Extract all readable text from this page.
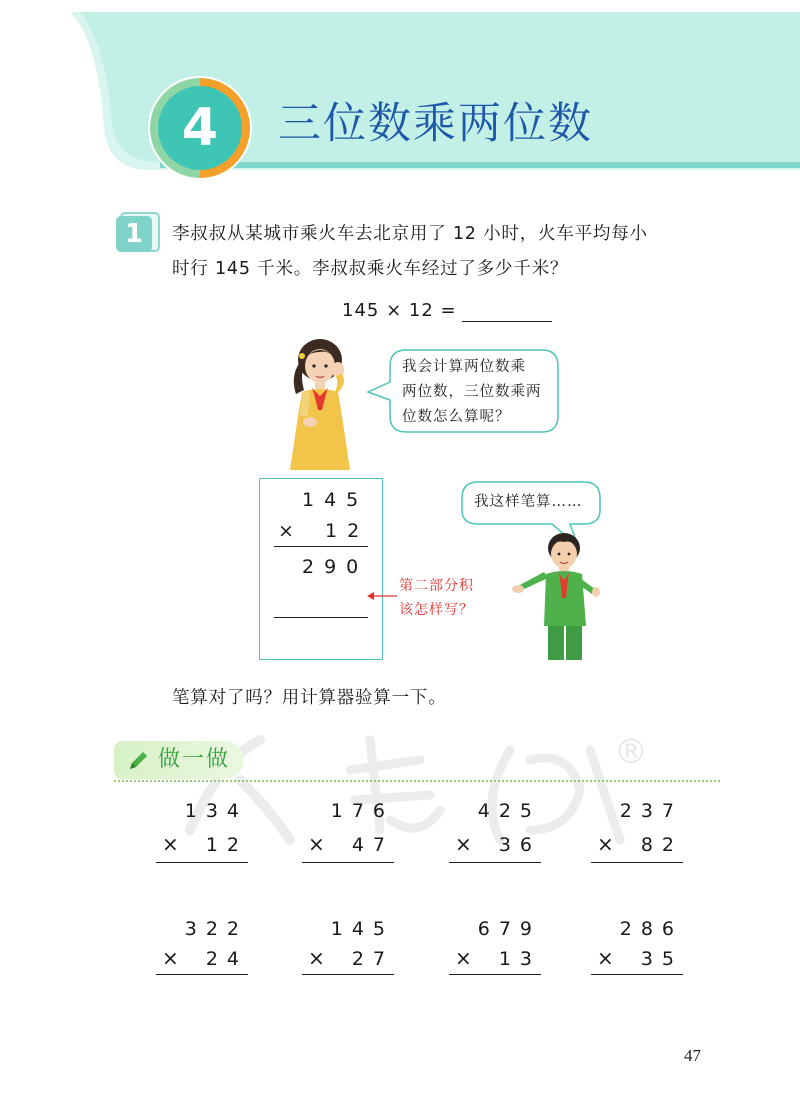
4 三位数乘两位数
1	李叔叔从某城市乘火车去北京用了 12 小时，火车平均每小
时行 145 千米。李叔叔乘火车经过了多少千米？
145 × 12 =
我会计算两位数乘
两位数，三位数乘两
位数怎么算呢？
145
× 12
290
第二部分积
该怎样写？
我这样笔算……
笔算对了吗？用计算器验算一下。
®
做一做
134
× 12
176
× 47
425
× 36
237
× 82
322
× 24
145
× 27
679
× 13
286
× 35
47
